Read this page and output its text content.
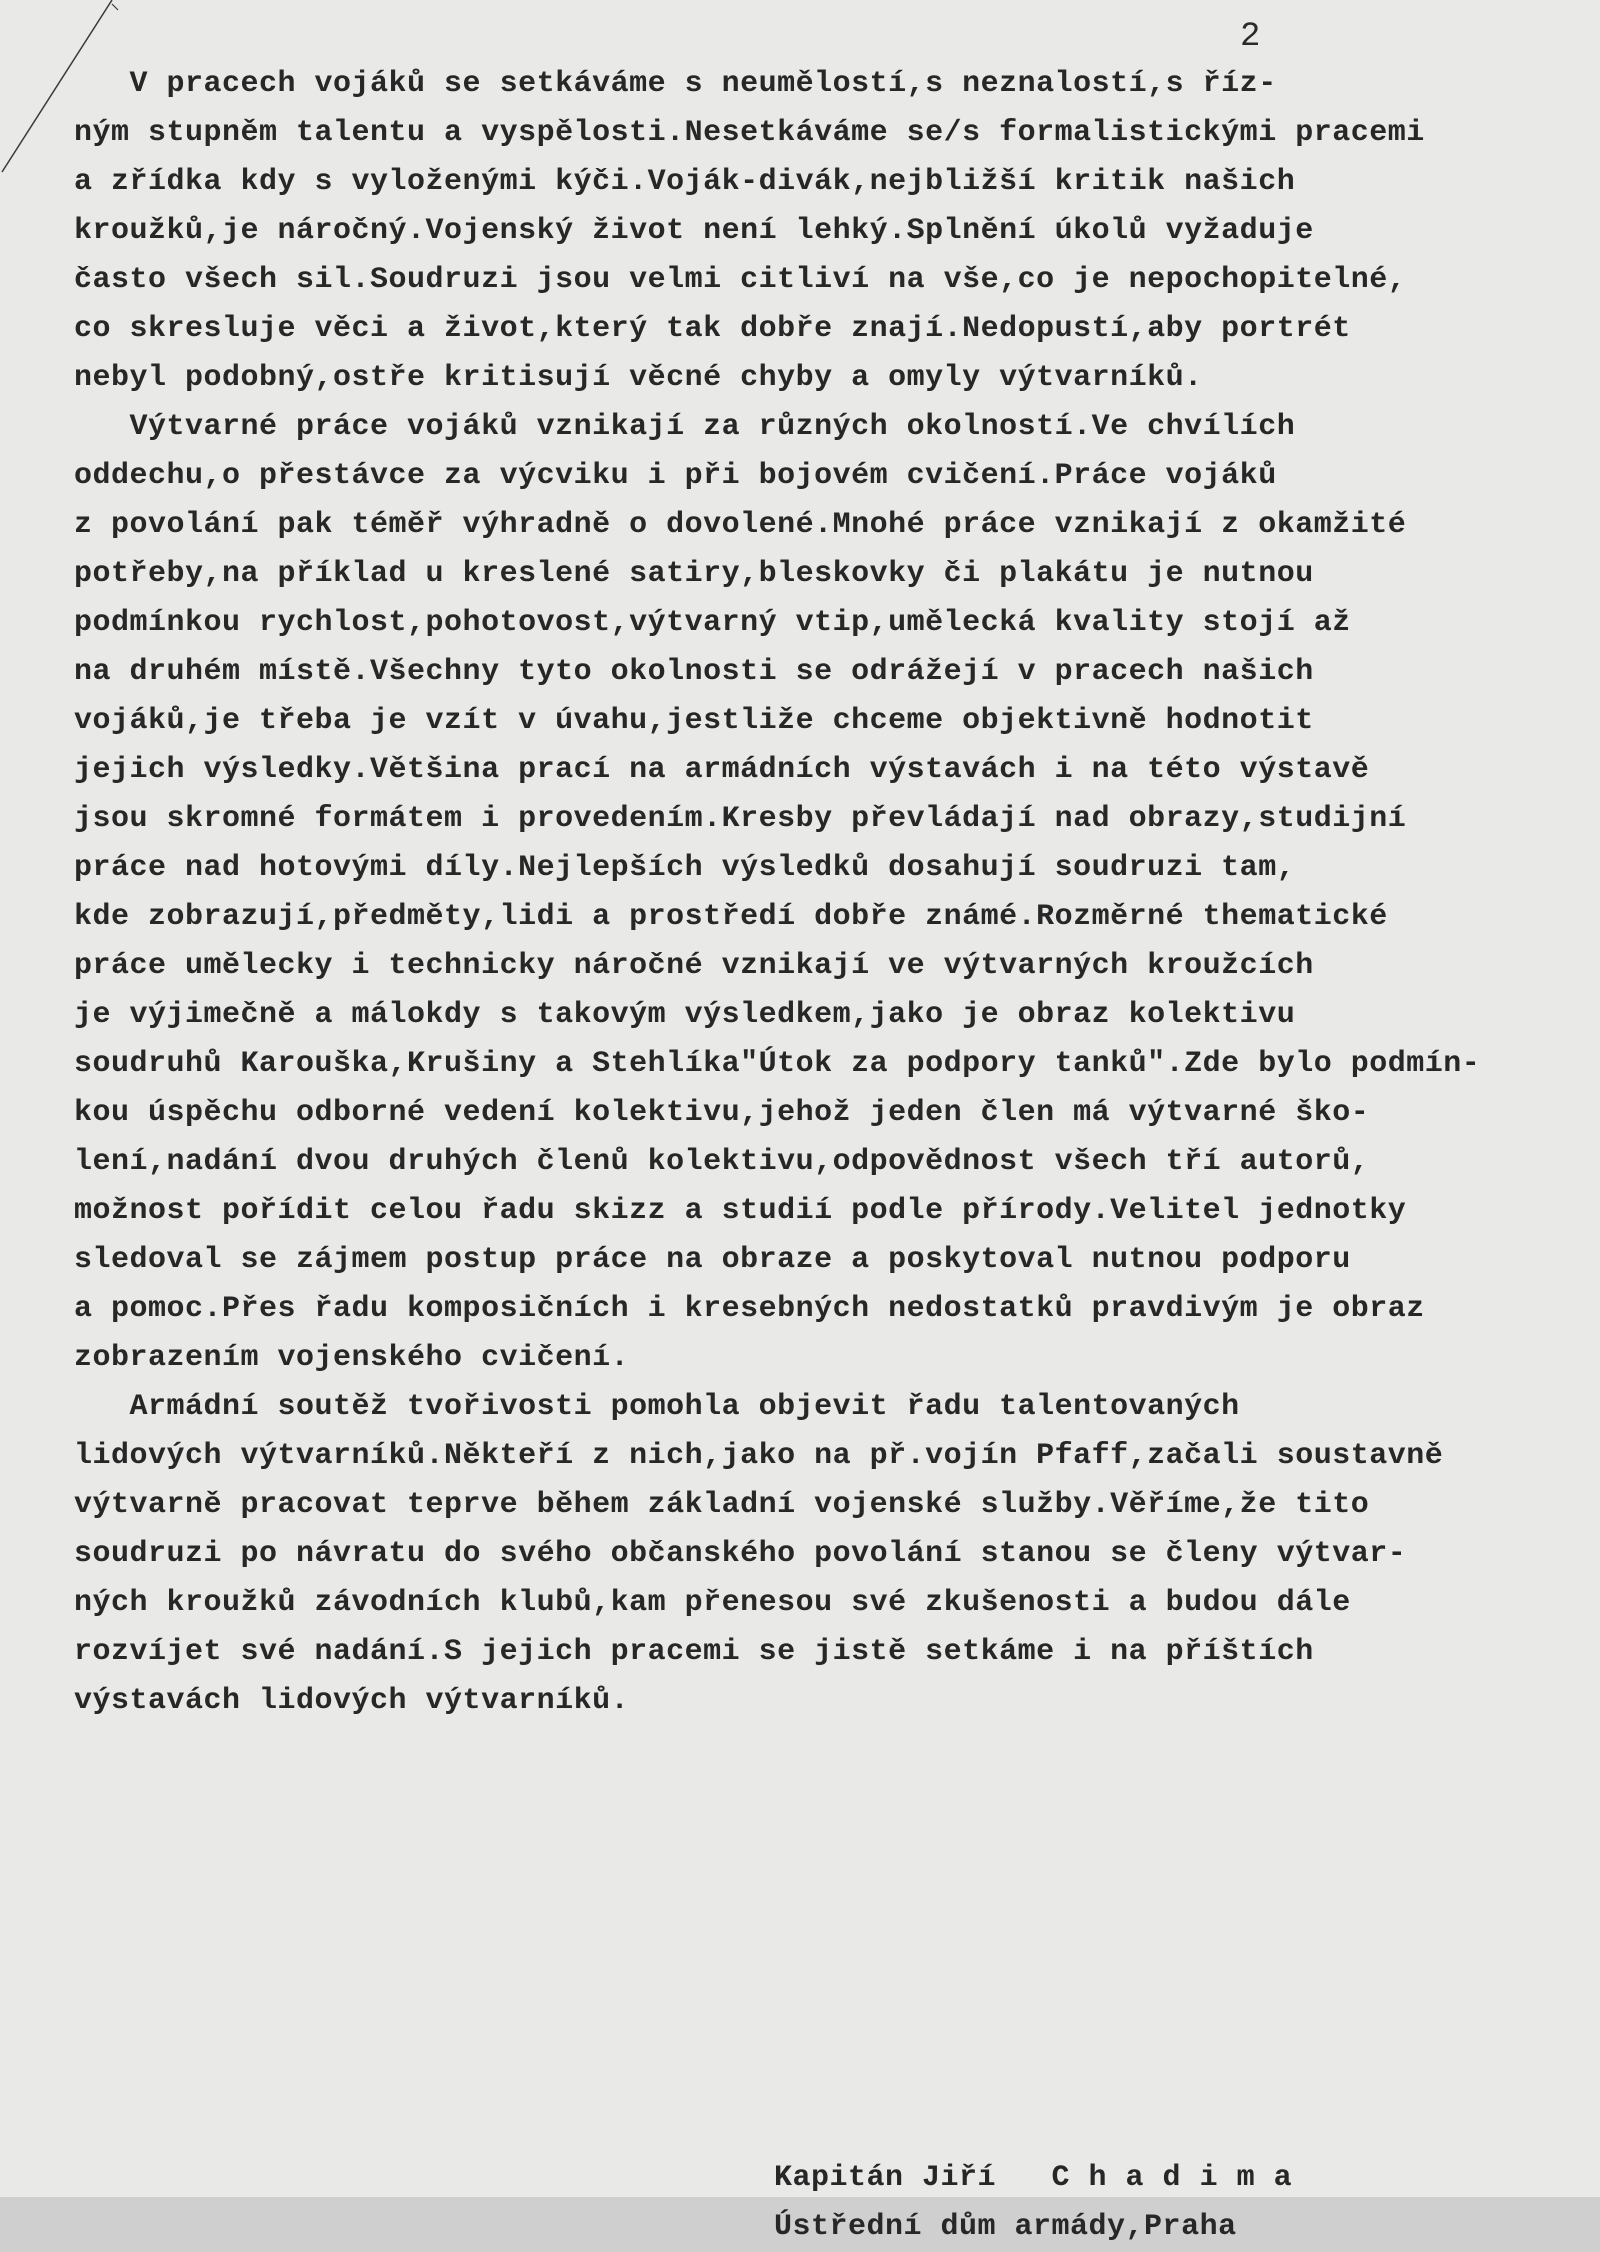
2
V pracech vojáků se setkáváme s neumělostí,s neznalostí,s říz-
ným stupněm talentu a vyspělosti.Nesetkáváme se/s formalistickými pracemi
a zřídka kdy s vyloženými kýči.Voják-divák,nejbližší kritik našich
kroužků,je náročný.Vojenský život není lehký.Splnění úkolů vyžaduje
často všech sil.Soudruzi jsou velmi citliví na vše,co je nepochopitelné,
co skresluje věci a život,který tak dobře znají.Nedopustí,aby portrét
nebyl podobný,ostře kritisují věcné chyby a omyly výtvarníků.
Výtvarné práce vojáků vznikají za různých okolností.Ve chvílích
oddechu,o přestávce za výcviku i při bojovém cvičení.Práce vojáků
z povolání pak téměř výhradně o dovolené.Mnohé práce vznikají z okamžité
potřeby,na příklad u kreslené satiry,bleskovky či plakátu je nutnou
podmínkou rychlost,pohotovost,výtvarný vtip,umělecká kvality stojí až
na druhém místě.Všechny tyto okolnosti se odrážejí v pracech našich
vojáků,je třeba je vzít v úvahu,jestliže chceme objektivně hodnotit
jejich výsledky.Většina prací na armádních výstavách i na této výstavě
jsou skromné formátem i provedením.Kresby převládají nad obrazy,studijní
práce nad hotovými díly.Nejlepších výsledků dosahují soudruzi tam,
kde zobrazují,předměty,lidi a prostředí dobře známé.Rozměrné thematické
práce umělecky i technicky náročné vznikají ve výtvarných kroužcích
je výjimečně a málokdy s takovým výsledkem,jako je obraz kolektivu
soudruhů Karouška,Krušiny a Stehlíka"Útok za podpory tanků".Zde bylo podmín-
kou úspěchu odborné vedení kolektivu,jehož jeden člen má výtvarné ško-
lení,nadání dvou druhých členů kolektivu,odpovědnost všech tří autorů,
možnost pořídit celou řadu skizz a studií podle přírody.Velitel jednotky
sledoval se zájmem postup práce na obraze a poskytoval nutnou podporu
a pomoc.Přes řadu komposičních i kresebných nedostatků pravdivým je obraz
zobrazením vojenského cvičení.
Armádní soutěž tvořivosti pomohla objevit řadu talentovaných
lidových výtvarníků.Někteří z nich,jako na př.vojín Pfaff,začali soustavně
výtvarně pracovat teprve během základní vojenské služby.Věříme,že tito
soudruzi po návratu do svého občanského povolání stanou se členy výtvar-
ných kroužků závodních klubů,kam přenesou své zkušenosti a budou dále
rozvíjet své nadání.S jejich pracemi se jistě setkáme i na příštích
výstavách lidových výtvarníků.
Kapitán Jiří   C h a d i m a
Ústřední dům armády,Praha
